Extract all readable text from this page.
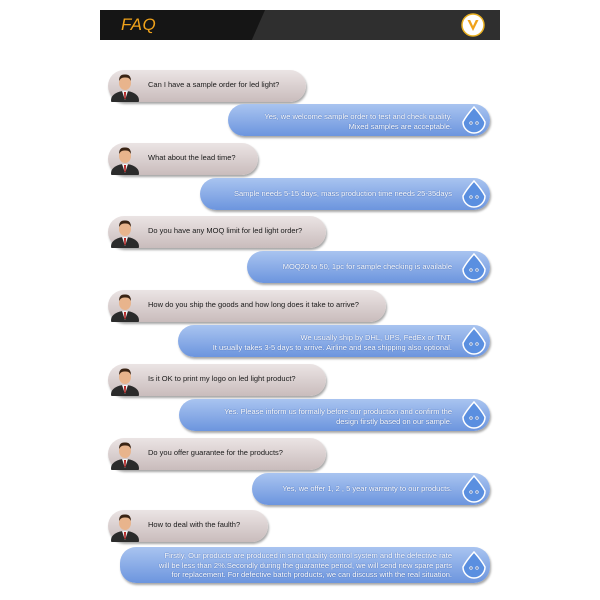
FAQ
Can I have a sample order for led light?
Yes, we welcome sample order to test and check quality.
Mixed samples are acceptable.
What about the lead time?
Sample needs 5-15 days, mass production time needs 25-35days
Do you have any MOQ limit for led light order?
MOQ20 to 50, 1pc for sample checking is available
How do you ship the goods and how long does it take to arrive?
We usually ship by DHL, UPS, FedEx or TNT.
It usually takes 3-5 days to arrive. Airline and sea shipping also optional.
Is it OK to print my logo on led light product?
Yes. Please inform us formally before our production and confirm the
design firstly based on our sample.
Do you offer guarantee for the products?
Yes, we offer 1, 2 , 5 year warranty to our products.
How to deal with the faulth?
Firstly, Our products are produced in strict quality control system and the defective rate
will be less than 2%.Secondly during the guarantee period, we will send new spare parts
for replacement. For defective batch products, we can discuss with the real situation.
